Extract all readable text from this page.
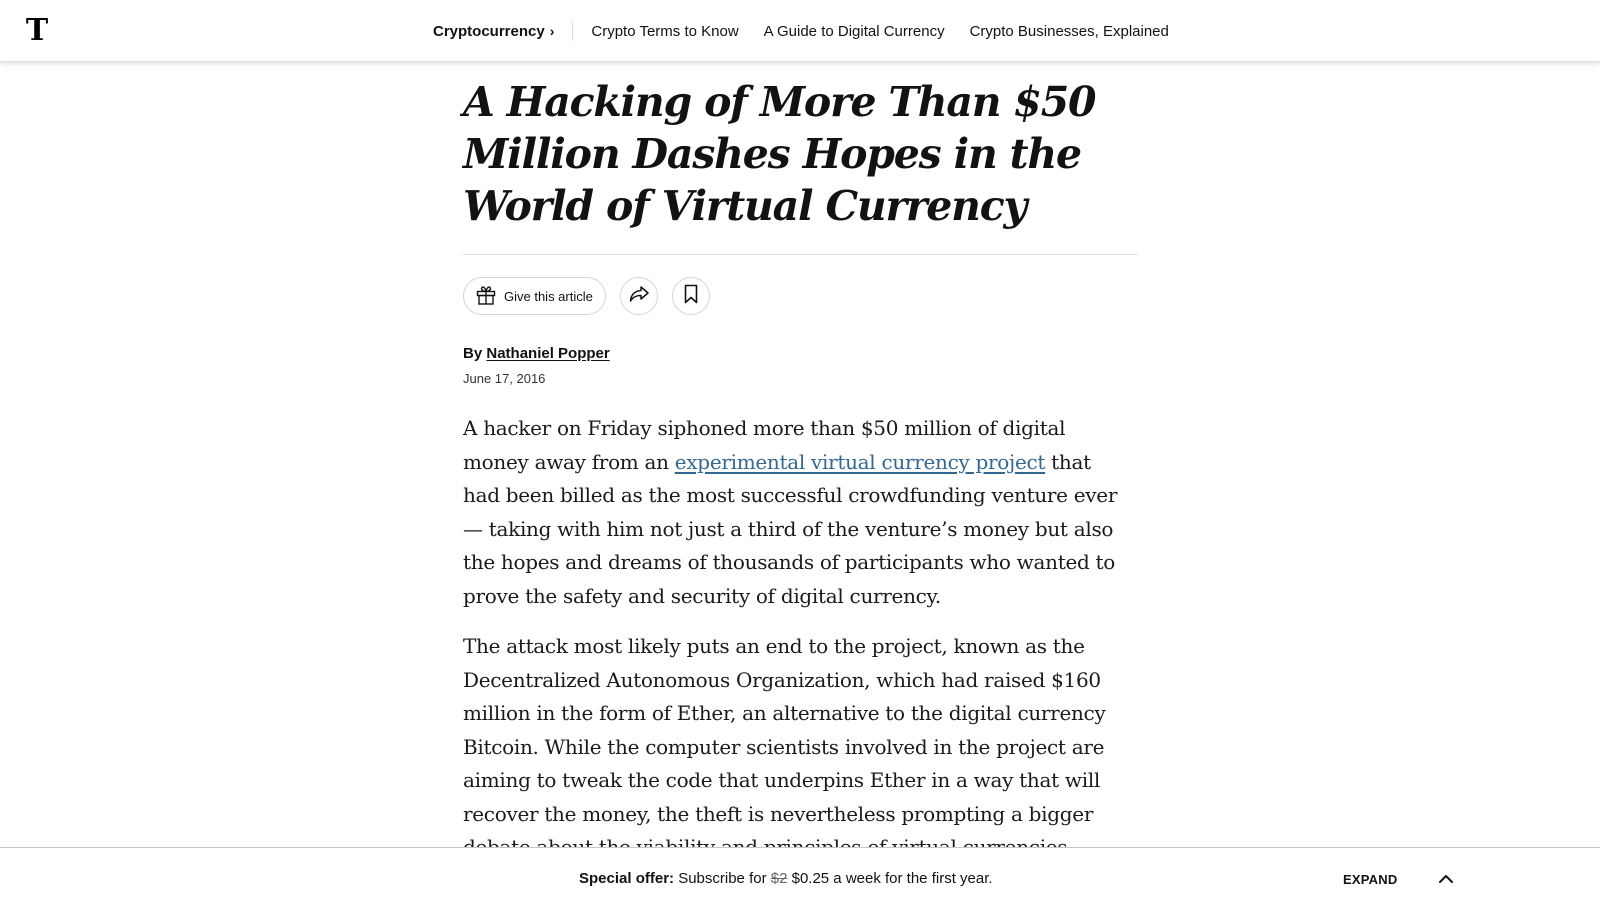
T	Cryptocurrency › Crypto Terms to Know A Guide to Digital Currency Crypto Businesses, Explained
A Hacking of More Than $50 Million Dashes Hopes in the World of Virtual Currency
Give this article
By Nathaniel Popper
June 17, 2016

A hacker on Friday siphoned more than $50 million of digital money away from an experimental virtual currency project that had been billed as the most successful crowdfunding venture ever — taking with him not just a third of the venture’s money but also the hopes and dreams of thousands of participants who wanted to prove the safety and security of digital currency.

The attack most likely puts an end to the project, known as the Decentralized Autonomous Organization, which had raised $160 million in the form of Ether, an alternative to the digital currency Bitcoin. While the computer scientists involved in the project are aiming to tweak the code that underpins Ether in a way that will recover the money, the theft is nevertheless prompting a bigger

Special offer: Subscribe for $2 $0.25 a week for the first year.	EXPAND
